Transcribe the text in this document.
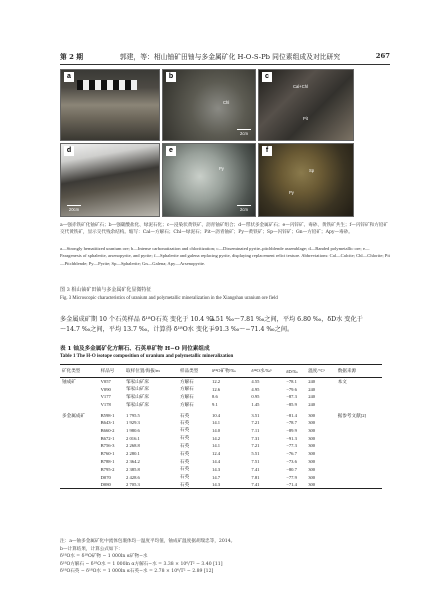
第 2 期	郭建，等：相山铀矿田铀与多金属矿化 H-O-S-Pb 同位素组成及对比研究	267
a	b
Chl
2cm
c
Cal+Chl
Pit
d
20cm
e
Py
2cm
f
Sp
Py
a—强赤铁矿化铀矿石；b—强碳酸盐化、绿泥石化；c—浸染状黄铁矿、沥青铀矿组合；d—带状多金属矿石；e—闪锌矿、毒砂、黄铁矿共生；f—闪锌矿和方铅矿交代黄铁矿，显示交代残余结构。缩写：Cal—方解石；Chl—绿泥石；Pit—沥青铀矿；Py—黄铁矿；Sp—闪锌矿；Gn—方铅矿；Apy—毒砂。
a—Strongly hematitized uranium ore; b—Intense carbonatization and chloritization; c—Disseminated pyrite–pitchblende assemblage; d—Banded polymetallic ore; e—Paragenesis of sphalerite, arsenopyrite, and pyrite; f—Sphalerite and galena replacing pyrite, displaying replacement relict texture. Abbreviations: Cal—Calcite; Chl—Chlorite; Pit—Pitchblende; Py—Pyrite; Sp—Sphalerite; Gn—Galena; Apy—Arsenopyrite.
图 3 相山铀矿田铀与多金属矿化显微特征
Fig. 3 Microscopic characteristics of uranium and polymetallic mineralization in the Xiangshan uranium ore field
多金属成矿期 10 个石英样品 δ¹⁸O石英 变化于 10.4 ‰～14.7 ‰之间，平均 13.7 ‰，计算得 δ¹⁸O水 变化于
3.51 ‰～7.81 ‰之间，平均 6.80 ‰，δD水 变化于 −91.3 ‰～−71.4 ‰之间。
表 1 铀及多金属矿化方解石、石英单矿物 H−O 同位素组成
Table 1 The H-O isotope composition of uranium and polymetallic mineralization
矿化类型	样品号	取样位置/海拔/m	样品类型	δ¹⁸O矿物/‰	δ¹⁸O水/‰ᵇ	δD/‰	温度/°Cᵃ	数据来源
铀成矿	V057	邹家山矿床	方解石	12.2	4.55	−78.1	240	本文
	V090	邹家山矿床	方解石	12.6	4.95	−79.6	240	
	V177	邹家山矿床	方解石	8.6	0.95	−87.3	240	
	V178	邹家山矿床	方解石	9.1	1.45	−85.9	240	
多金属成矿	B598-1	1 795.5	石英	10.4	3.51	−81.4	300	据参考文献[2]
	B643-1	1 929.3	石英	14.1	7.21	−78.7	300	
	B660-2	1 980.6	石英	14.0	7.11	−89.9	300	
	B672-1	2 016.1	石英	14.2	7.31	−91.3	300	
	B756-3	2 268.8	石英	14.1	7.21	−77.3	300	
	B760-1	2 280.1	石英	12.4	5.51	−76.7	300	
	B788-1	2 364.2	石英	14.4	7.51	−73.6	300	
	B795-2	2 385.8	石英	14.3	7.41	−80.7	300	
	D070	2 428.6	石英	14.7	7.81	−77.9	300	
	D080	2 705.3	石英	14.3	7.41	−71.4	300	
注：a—铀多金属矿化中流体包裹体均一温度平均值，铀成矿温度据胡瑞忠等，2014。
b—计算结果，计算公式如下：
δ¹⁸O水 = δ¹⁸O矿物 − 1 000ln α矿物−水
δ¹⁸O方解石 − δ¹⁸O水 = 1 000ln α方解石−水 = 3.38 × 10⁶/T² − 3.40 [11]
δ¹⁸O石英 − δ¹⁸O水 = 1 000ln α石英−水 = 2.78 × 10⁶/T² − 2.89 [12]
